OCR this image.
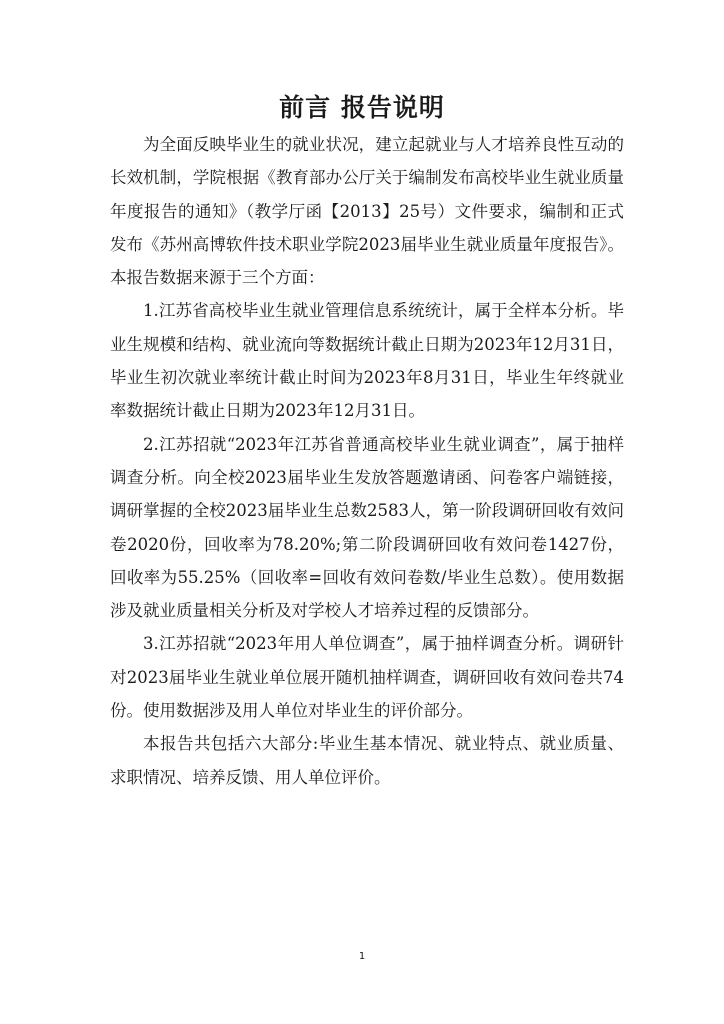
前言 报告说明

为全面反映毕业生的就业状况，建立起就业与人才培养良性互动的长效机制，学院根据《教育部办公厅关于编制发布高校毕业生就业质量年度报告的通知》（教学厅函【2013】25号）文件要求，编制和正式发布《苏州高博软件技术职业学院2023届毕业生就业质量年度报告》。本报告数据来源于三个方面：

1.江苏省高校毕业生就业管理信息系统统计，属于全样本分析。毕业生规模和结构、就业流向等数据统计截止日期为2023年12月31日，毕业生初次就业率统计截止时间为2023年8月31日，毕业生年终就业率数据统计截止日期为2023年12月31日。

2.江苏招就“2023年江苏省普通高校毕业生就业调查”，属于抽样调查分析。向全校2023届毕业生发放答题邀请函、问卷客户端链接，调研掌握的全校2023届毕业生总数2583人，第一阶段调研回收有效问卷2020份，回收率为78.20%;第二阶段调研回收有效问卷1427份，回收率为55.25%（回收率=回收有效问卷数/毕业生总数）。使用数据涉及就业质量相关分析及对学校人才培养过程的反馈部分。

3.江苏招就“2023年用人单位调查”，属于抽样调查分析。调研针对2023届毕业生就业单位展开随机抽样调查，调研回收有效问卷共74份。使用数据涉及用人单位对毕业生的评价部分。

本报告共包括六大部分:毕业生基本情况、就业特点、就业质量、求职情况、培养反馈、用人单位评价。

1
